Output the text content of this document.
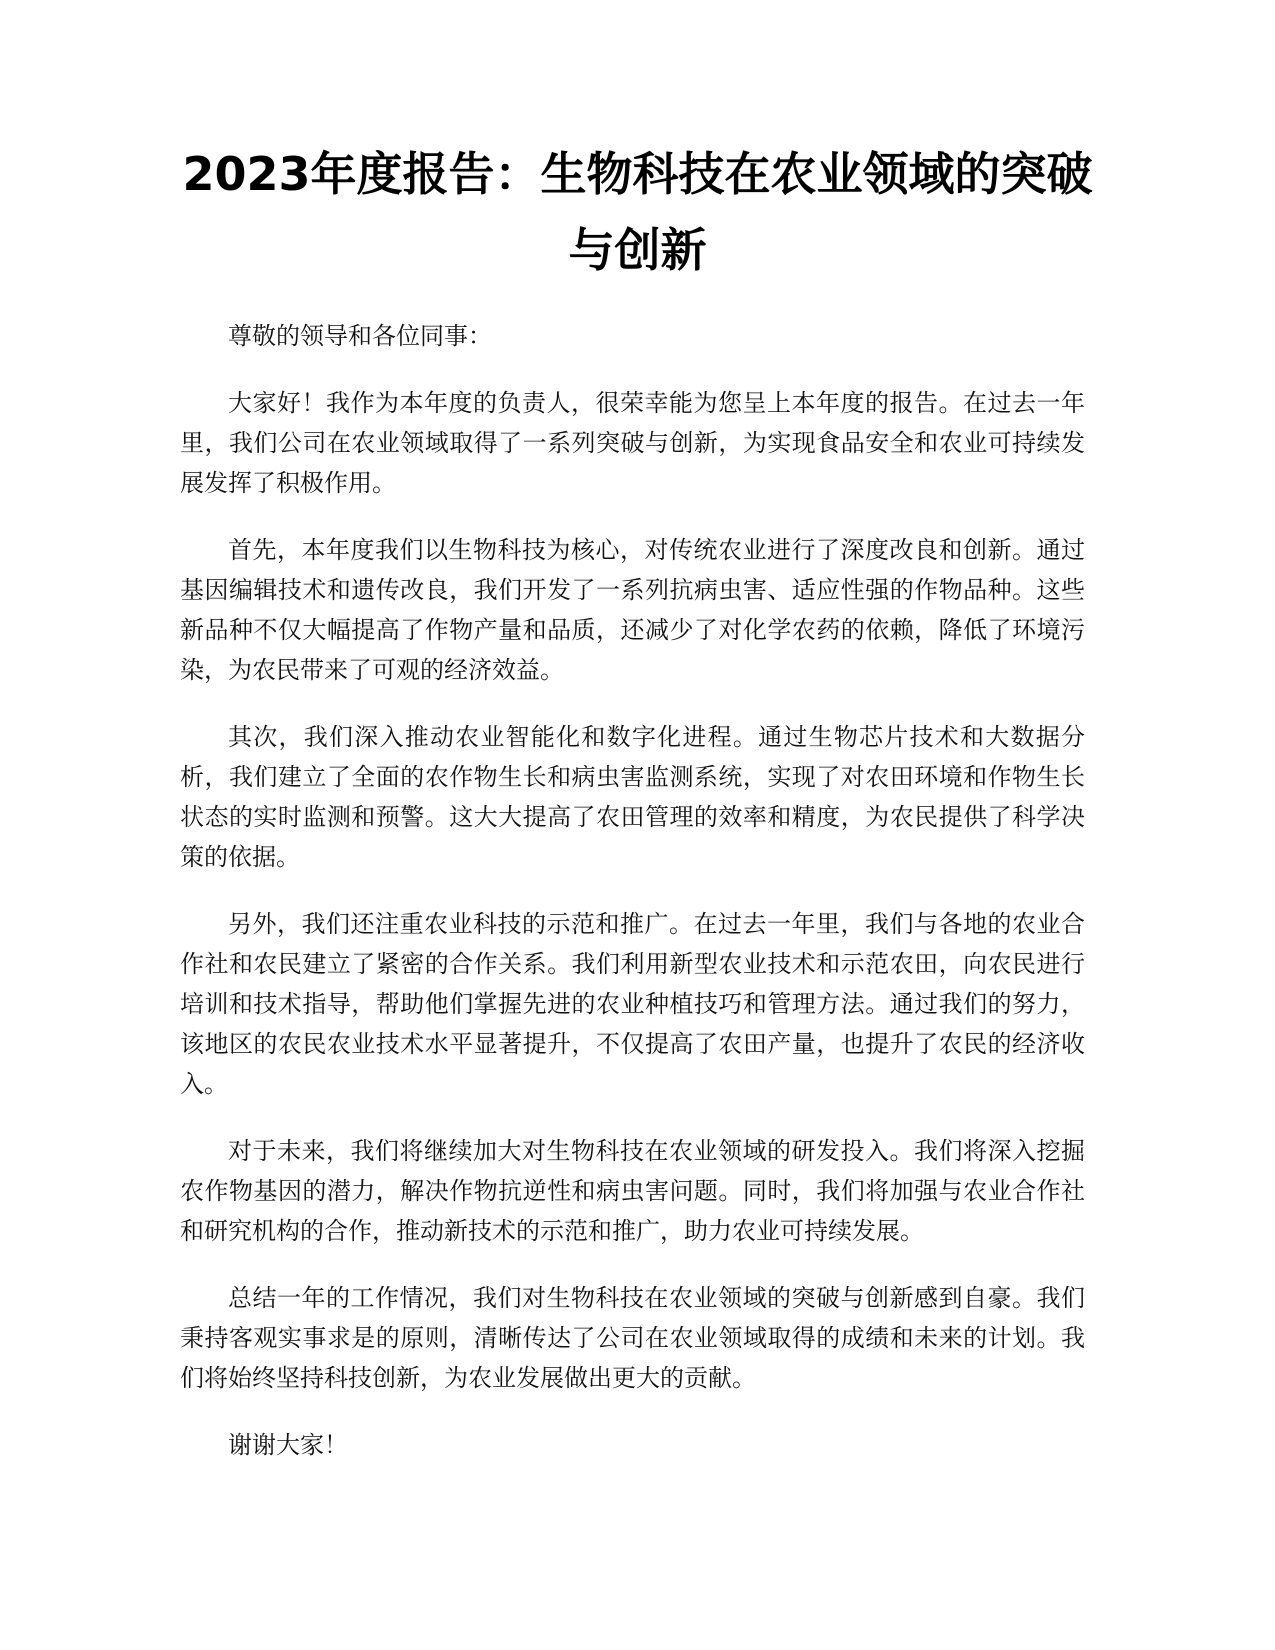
2023年度报告：生物科技在农业领域的突破与创新

尊敬的领导和各位同事：

大家好！我作为本年度的负责人，很荣幸能为您呈上本年度的报告。在过去一年里，我们公司在农业领域取得了一系列突破与创新，为实现食品安全和农业可持续发展发挥了积极作用。

首先，本年度我们以生物科技为核心，对传统农业进行了深度改良和创新。通过基因编辑技术和遗传改良，我们开发了一系列抗病虫害、适应性强的作物品种。这些新品种不仅大幅提高了作物产量和品质，还减少了对化学农药的依赖，降低了环境污染，为农民带来了可观的经济效益。

其次，我们深入推动农业智能化和数字化进程。通过生物芯片技术和大数据分析，我们建立了全面的农作物生长和病虫害监测系统，实现了对农田环境和作物生长状态的实时监测和预警。这大大提高了农田管理的效率和精度，为农民提供了科学决策的依据。

另外，我们还注重农业科技的示范和推广。在过去一年里，我们与各地的农业合作社和农民建立了紧密的合作关系。我们利用新型农业技术和示范农田，向农民进行培训和技术指导，帮助他们掌握先进的农业种植技巧和管理方法。通过我们的努力，该地区的农民农业技术水平显著提升，不仅提高了农田产量，也提升了农民的经济收入。

对于未来，我们将继续加大对生物科技在农业领域的研发投入。我们将深入挖掘农作物基因的潜力，解决作物抗逆性和病虫害问题。同时，我们将加强与农业合作社和研究机构的合作，推动新技术的示范和推广，助力农业可持续发展。

总结一年的工作情况，我们对生物科技在农业领域的突破与创新感到自豪。我们秉持客观实事求是的原则，清晰传达了公司在农业领域取得的成绩和未来的计划。我们将始终坚持科技创新，为农业发展做出更大的贡献。

谢谢大家！
